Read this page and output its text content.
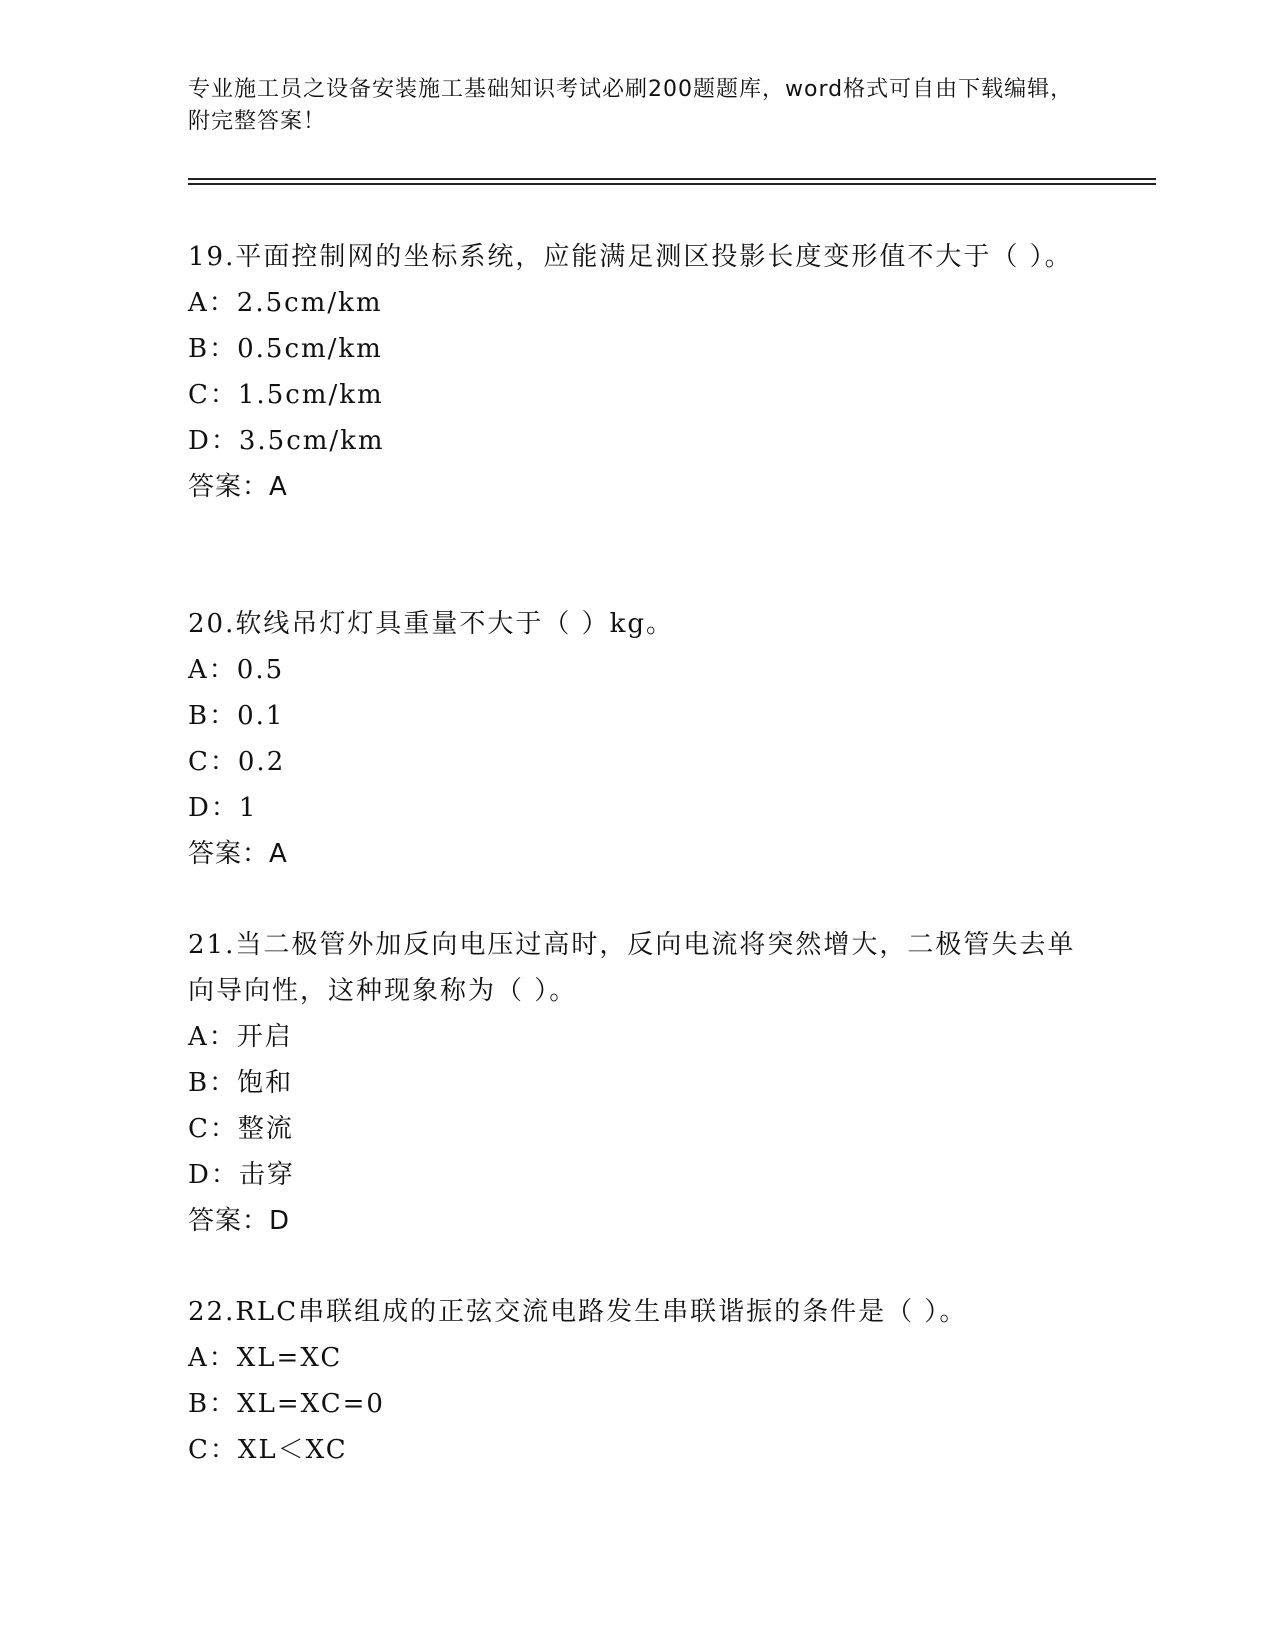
专业施工员之设备安装施工基础知识考试必刷200题题库，word格式可自由下载编辑，附完整答案！

19.平面控制网的坐标系统，应能满足测区投影长度变形值不大于（ ）。

A：2.5cm/km

B：0.5cm/km

C：1.5cm/km

D：3.5cm/km

答案：A

20.软线吊灯灯具重量不大于（ ）kg。

A：0.5

B：0.1

C：0.2

D：1

答案：A

21.当二极管外加反向电压过高时，反向电流将突然增大，二极管失去单向导向性，这种现象称为（ ）。

A：开启

B：饱和

C：整流

D：击穿

答案：D

22.RLC串联组成的正弦交流电路发生串联谐振的条件是（ ）。

A：XL=XC

B：XL=XC=0

C：XL＜XC
